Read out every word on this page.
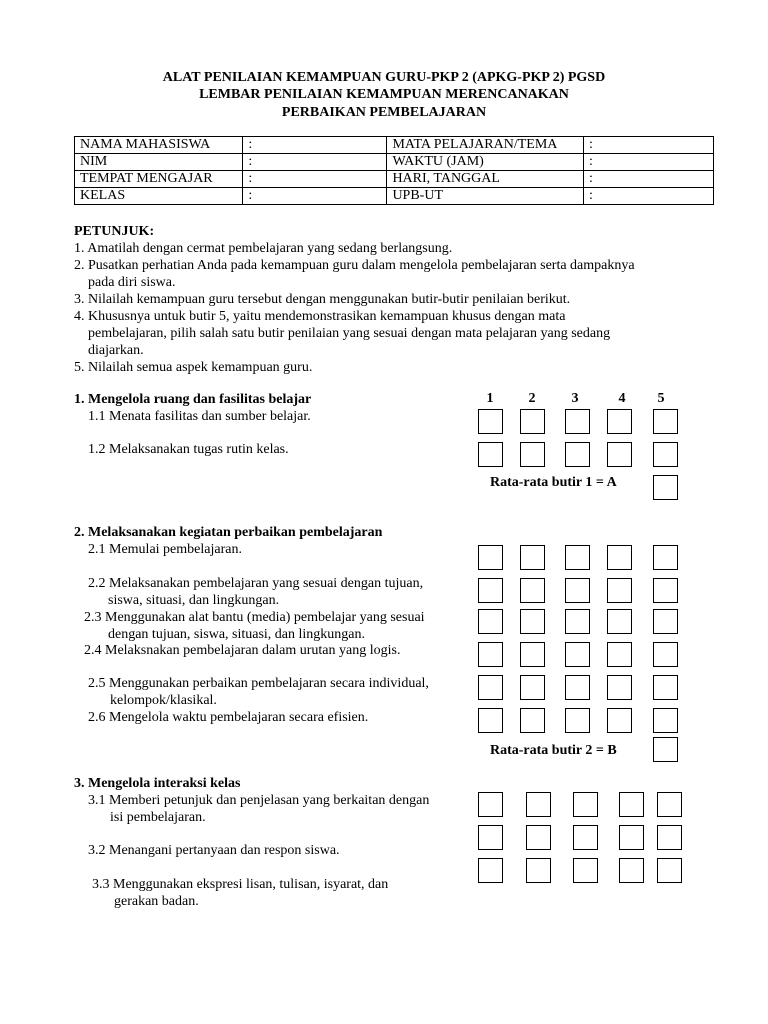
ALAT PENILAIAN KEMAMPUAN GURU-PKP 2 (APKG-PKP 2) PGSD
LEMBAR PENILAIAN KEMAMPUAN MERENCANAKAN
PERBAIKAN PEMBELAJARAN
NAMA MAHASISWA	:	MATA PELAJARAN/TEMA	:
NIM	:	WAKTU (JAM)	:
TEMPAT MENGAJAR	:	HARI, TANGGAL	:
KELAS	:	UPB-UT	:
PETUNJUK:
1. Amatilah dengan cermat pembelajaran yang sedang berlangsung.
2. Pusatkan perhatian Anda pada kemampuan guru dalam mengelola pembelajaran serta dampaknya
pada diri siswa.
3. Nilailah kemampuan guru tersebut dengan menggunakan butir-butir penilaian berikut.
4. Khususnya untuk butir 5, yaitu mendemonstrasikan kemampuan khusus dengan mata
pembelajaran, pilih salah satu butir penilaian yang sesuai dengan mata pelajaran yang sedang
diajarkan.
5. Nilailah semua aspek kemampuan guru.
1. Mengelola ruang dan fasilitas belajar	1	2	3	4	5
1.1 Menata fasilitas dan sumber belajar.
1.2 Melaksanakan tugas rutin kelas.
Rata-rata butir 1 = A
2. Melaksanakan kegiatan perbaikan pembelajaran
2.1 Memulai pembelajaran.
2.2 Melaksanakan pembelajaran yang sesuai dengan tujuan,
siswa, situasi, dan lingkungan.
2.3 Menggunakan alat bantu (media) pembelajar yang sesuai
dengan tujuan, siswa, situasi, dan lingkungan.
2.4 Melaksnakan pembelajaran dalam urutan yang logis.
2.5 Menggunakan perbaikan pembelajaran secara individual,
kelompok/klasikal.
2.6 Mengelola waktu pembelajaran secara efisien.
Rata-rata butir 2 = B
3. Mengelola interaksi kelas
3.1 Memberi petunjuk dan penjelasan yang berkaitan dengan
isi pembelajaran.
3.2 Menangani pertanyaan dan respon siswa.
3.3 Menggunakan ekspresi lisan, tulisan, isyarat, dan
gerakan badan.
